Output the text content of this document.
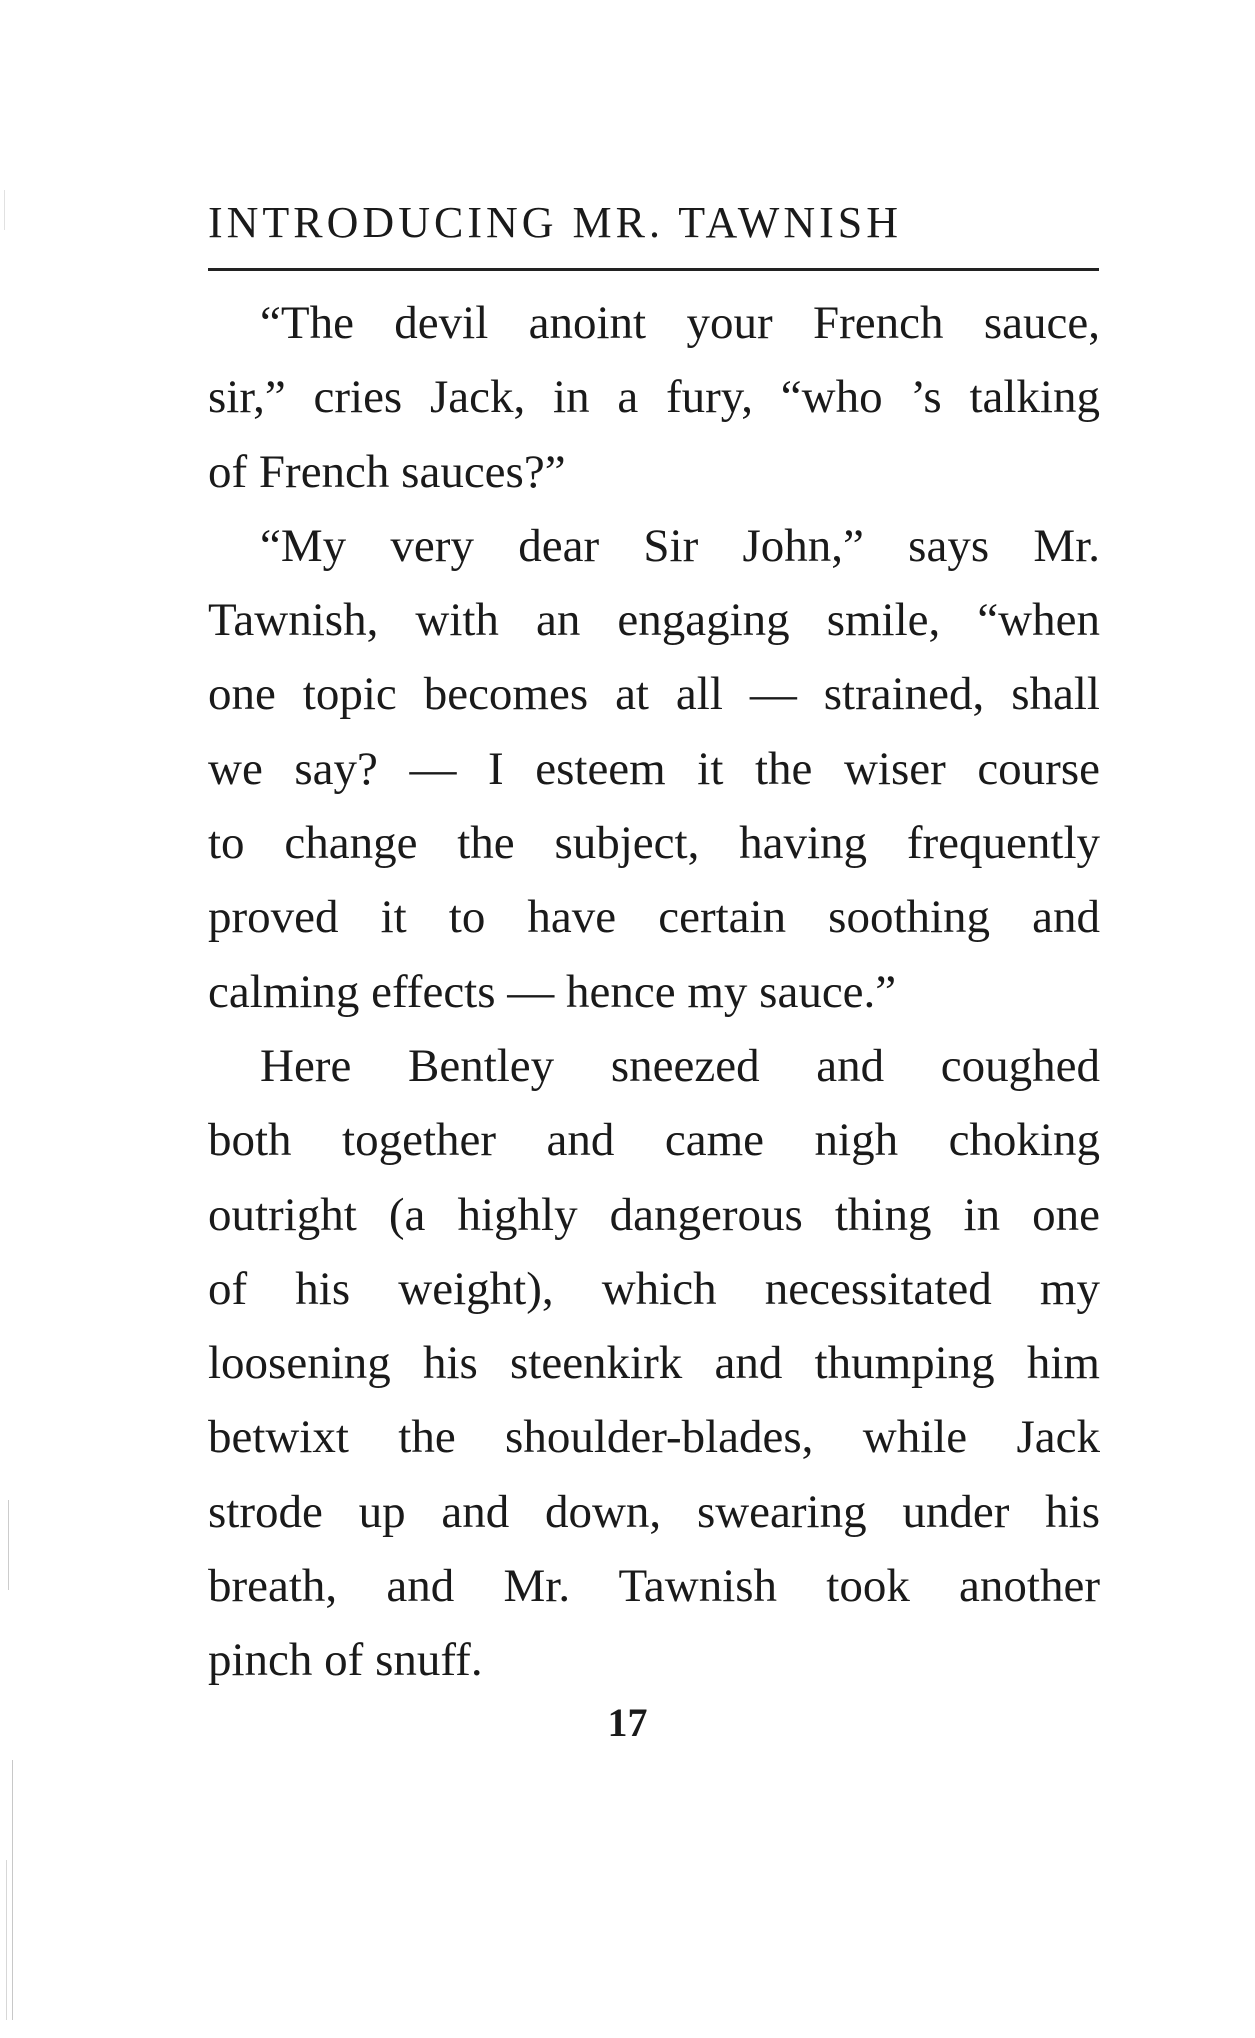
INTRODUCING MR. TAWNISH
“The devil anoint your French sauce,
sir,” cries Jack, in a fury, “who ’s talking
of French sauces?”
“My very dear Sir John,” says Mr.
Tawnish, with an engaging smile, “when
one topic becomes at all — strained, shall
we say? — I esteem it the wiser course
to change the subject, having frequently
proved it to have certain soothing and
calming effects — hence my sauce.”
Here Bentley sneezed and coughed
both together and came nigh choking
outright (a highly dangerous thing in one
of his weight), which necessitated my
loosening his steenkirk and thumping him
betwixt the shoulder-blades, while Jack
strode up and down, swearing under his
breath, and Mr. Tawnish took another
pinch of snuff.
17
